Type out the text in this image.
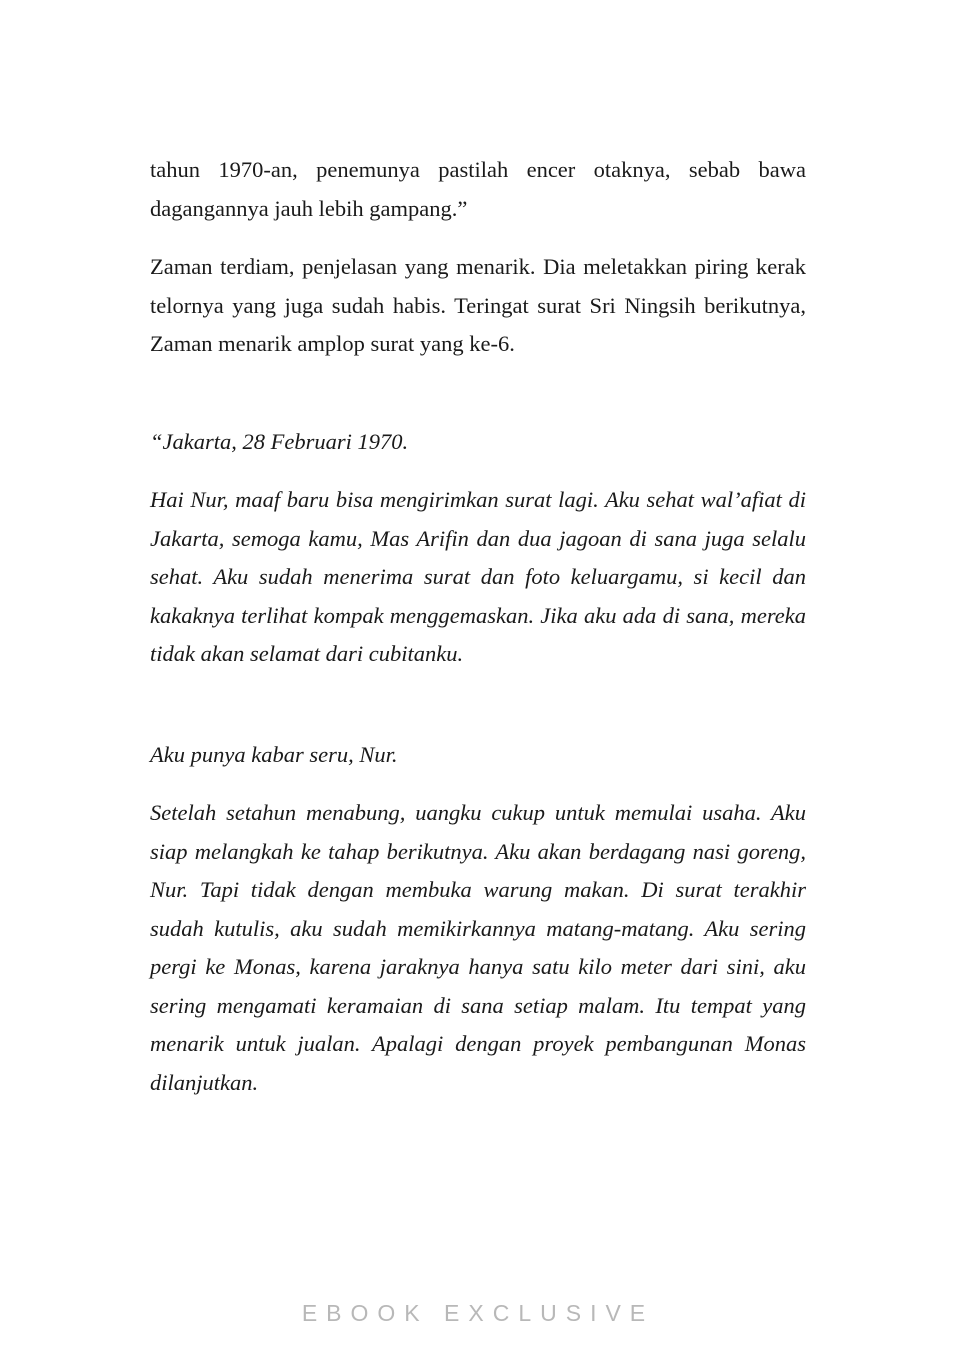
tahun 1970-an, penemunya pastilah encer otaknya, sebab bawa dagangannya jauh lebih gampang.”

Zaman terdiam, penjelasan yang menarik. Dia meletakkan piring kerak telornya yang juga sudah habis. Teringat surat Sri Ningsih berikutnya, Zaman menarik amplop surat yang ke-6.

“Jakarta, 28 Februari 1970.

Hai Nur, maaf baru bisa mengirimkan surat lagi. Aku sehat wal’afiat di Jakarta, semoga kamu, Mas Arifin dan dua jagoan di sana juga selalu sehat. Aku sudah menerima surat dan foto keluargamu, si kecil dan kakaknya terlihat kompak menggemaskan. Jika aku ada di sana, mereka tidak akan selamat dari cubitanku.

Aku punya kabar seru, Nur.

Setelah setahun menabung, uangku cukup untuk memulai usaha. Aku siap melangkah ke tahap berikutnya. Aku akan berdagang nasi goreng, Nur. Tapi tidak dengan membuka warung makan. Di surat terakhir sudah kutulis, aku sudah memikirkannya matang-matang. Aku sering pergi ke Monas, karena jaraknya hanya satu kilo meter dari sini, aku sering mengamati keramaian di sana setiap malam. Itu tempat yang menarik untuk jualan. Apalagi dengan proyek pembangunan Monas dilanjutkan.

EBOOK EXCLUSIVE
